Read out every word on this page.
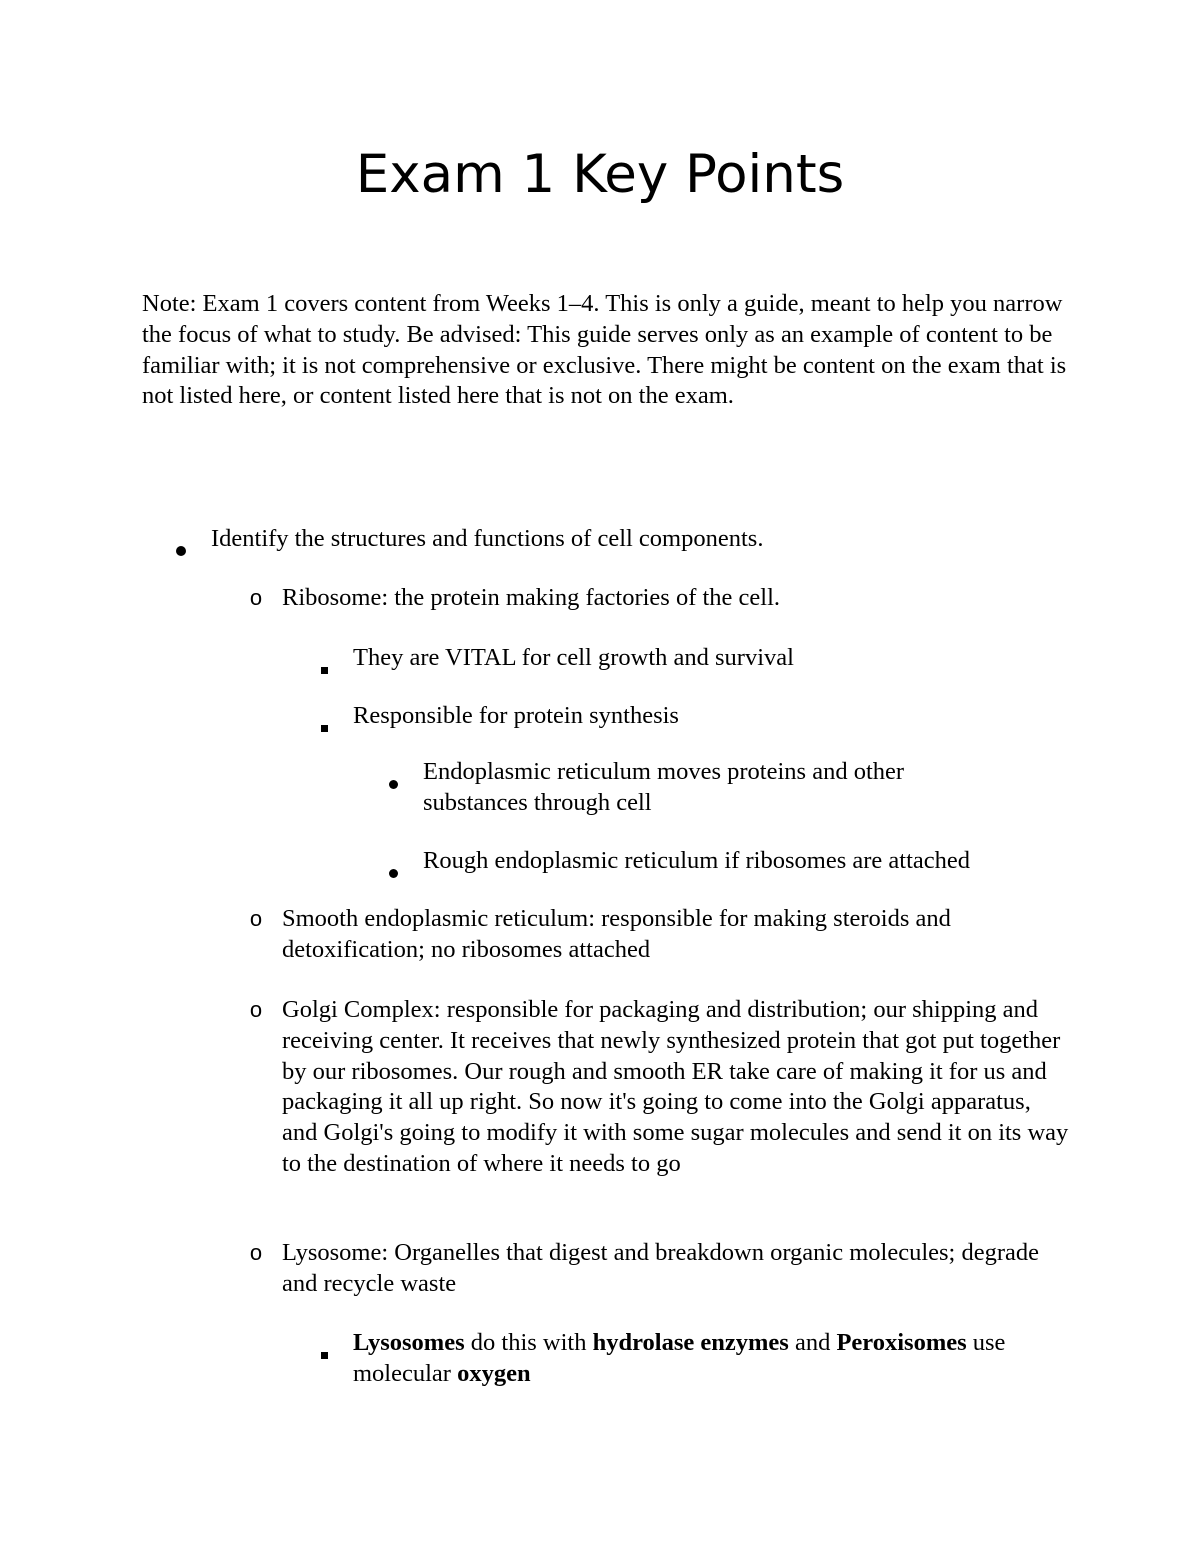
Exam 1 Key Points

Note: Exam 1 covers content from Weeks 1–4. This is only a guide, meant to help you narrow the focus of what to study. Be advised: This guide serves only as an example of content to be familiar with; it is not comprehensive or exclusive. There might be content on the exam that is not listed here, or content listed here that is not on the exam.

Identify the structures and functions of cell components.
o Ribosome: the protein making factories of the cell.
They are VITAL for cell growth and survival
Responsible for protein synthesis
Endoplasmic reticulum moves proteins and other substances through cell
Rough endoplasmic reticulum if ribosomes are attached
o Smooth endoplasmic reticulum: responsible for making steroids and detoxification; no ribosomes attached
o Golgi Complex: responsible for packaging and distribution; our shipping and receiving center. It receives that newly synthesized protein that got put together by our ribosomes. Our rough and smooth ER take care of making it for us and packaging it all up right. So now it's going to come into the Golgi apparatus, and Golgi's going to modify it with some sugar molecules and send it on its way to the destination of where it needs to go
o Lysosome: Organelles that digest and breakdown organic molecules; degrade and recycle waste
Lysosomes do this with hydrolase enzymes and Peroxisomes use molecular oxygen
